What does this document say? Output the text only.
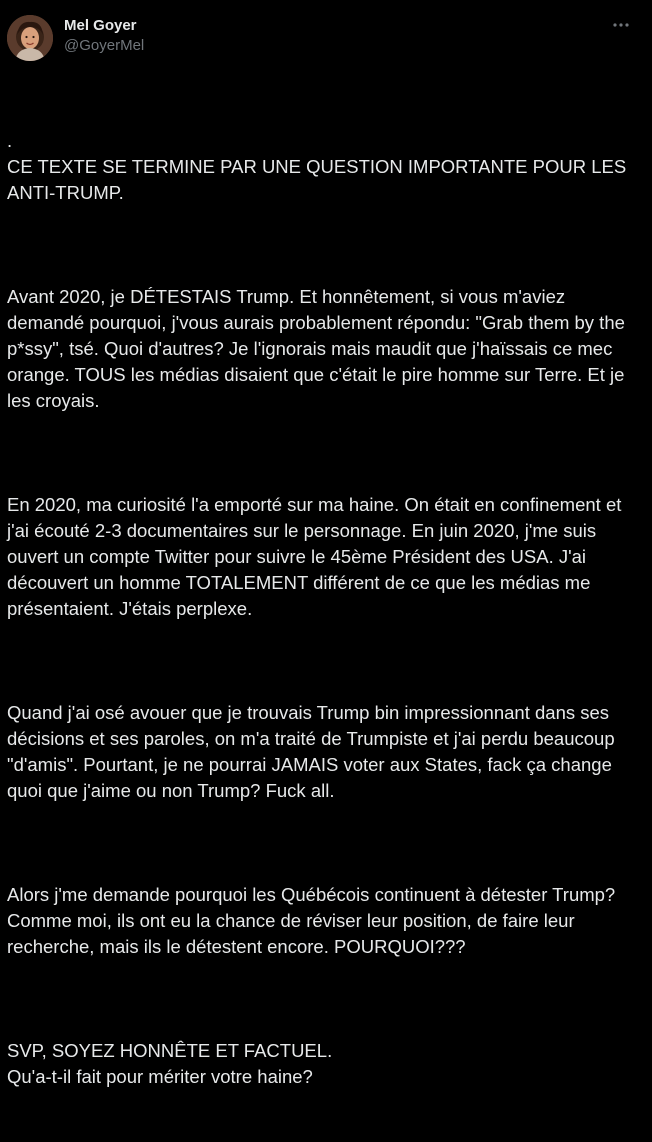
Mel Goyer
@GoyerMel

.
CE TEXTE SE TERMINE PAR UNE QUESTION IMPORTANTE POUR LES ANTI-TRUMP.

Avant 2020, je DÉTESTAIS Trump. Et honnêtement, si vous m'aviez demandé pourquoi, j'vous aurais probablement répondu: "Grab them by the p*ssy", tsé. Quoi d'autres? Je l'ignorais mais maudit que j'haïssais ce mec orange. TOUS les médias disaient que c'était le pire homme sur Terre. Et je les croyais.

En 2020, ma curiosité l'a emporté sur ma haine. On était en confinement et j'ai écouté 2-3 documentaires sur le personnage. En juin 2020, j'me suis ouvert un compte Twitter pour suivre le 45ème Président des USA. J'ai découvert un homme TOTALEMENT différent de ce que les médias me présentaient. J'étais perplexe.

Quand j'ai osé avouer que je trouvais Trump bin impressionnant dans ses décisions et ses paroles, on m'a traité de Trumpiste et j'ai perdu beaucoup "d'amis". Pourtant, je ne pourrai JAMAIS voter aux States, fack ça change quoi que j'aime ou non Trump? Fuck all.

Alors j'me demande pourquoi les Québécois continuent à détester Trump? Comme moi, ils ont eu la chance de réviser leur position, de faire leur recherche, mais ils le détestent encore. POURQUOI???

SVP, SOYEZ HONNÊTE ET FACTUEL.
Qu'a-t-il fait pour mériter votre haine?
